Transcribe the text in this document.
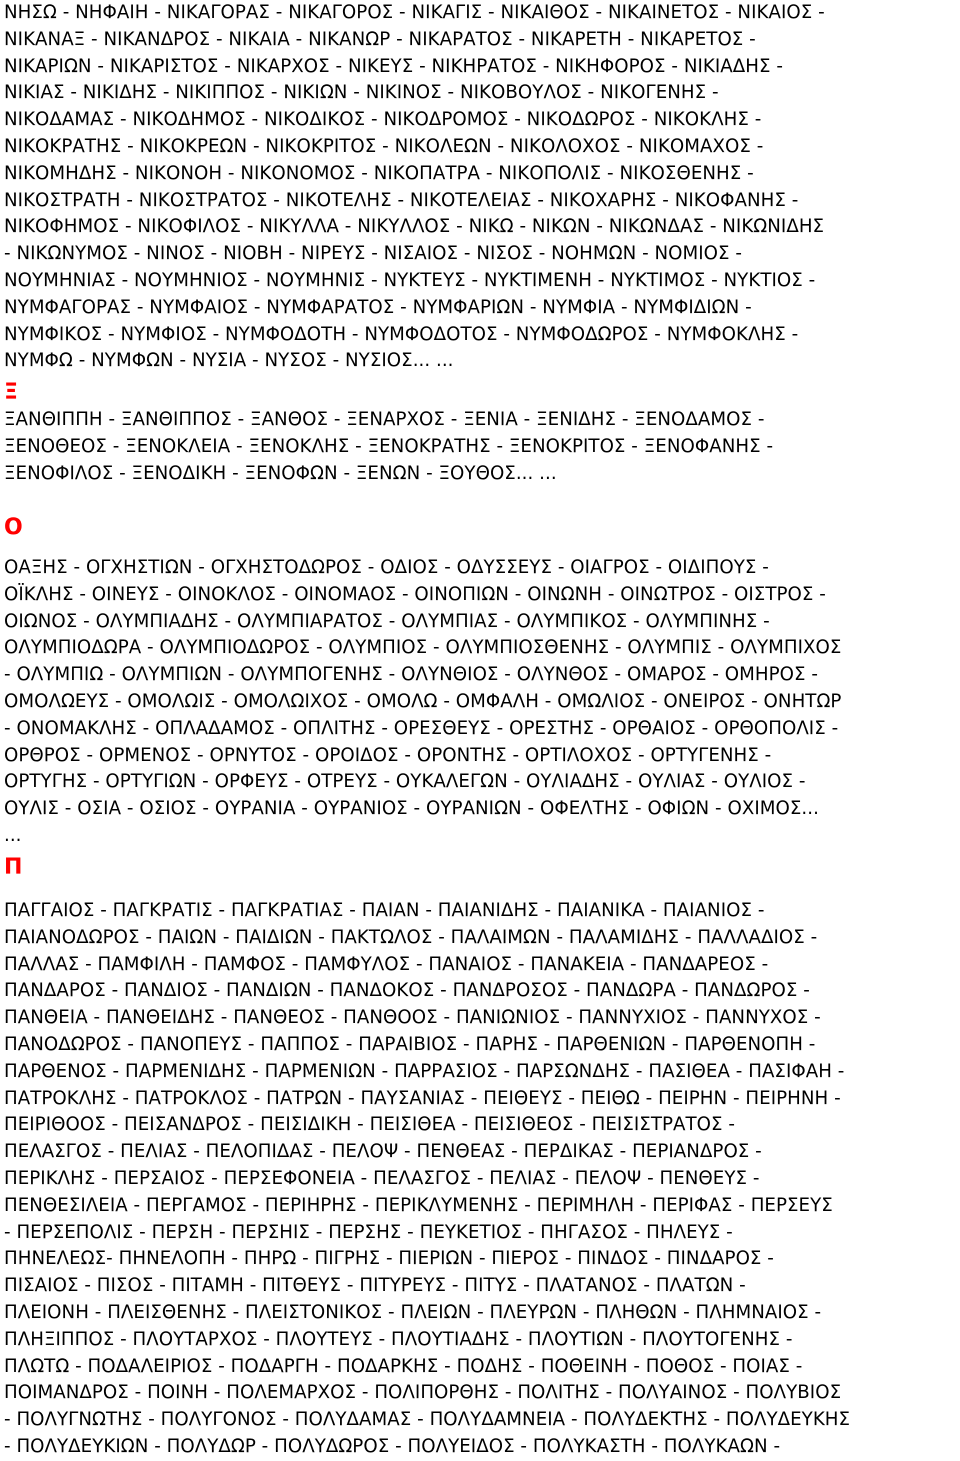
ΝΗΣΩ - ΝΗΦΑΙΗ - ΝΙΚΑΓΟΡΑΣ - ΝΙΚΑΓΟΡΟΣ - ΝΙΚΑΓΙΣ - ΝΙΚΑΙΘΟΣ - ΝΙΚΑΙΝΕΤΟΣ - ΝΙΚΑΙΟΣ -
ΝΙΚΑΝΑΞ - ΝΙΚΑΝΔΡΟΣ - ΝΙΚΑΙΑ - ΝΙΚΑΝΩΡ - ΝΙΚΑΡΑΤΟΣ - ΝΙΚΑΡΕΤΗ - ΝΙΚΑΡΕΤΟΣ -
ΝΙΚΑΡΙΩΝ - ΝΙΚΑΡΙΣΤΟΣ - ΝΙΚΑΡΧΟΣ - ΝΙΚΕΥΣ - ΝΙΚΗΡΑΤΟΣ - ΝΙΚΗΦΟΡΟΣ - ΝΙΚΙΑΔΗΣ -
ΝΙΚΙΑΣ - ΝΙΚΙΔΗΣ - ΝΙΚΙΠΠΟΣ - ΝΙΚΙΩΝ - ΝΙΚΙΝΟΣ - ΝΙΚΟΒΟΥΛΟΣ - ΝΙΚΟΓΕΝΗΣ -
ΝΙΚΟΔΑΜΑΣ - ΝΙΚΟΔΗΜΟΣ - ΝΙΚΟΔΙΚΟΣ - ΝΙΚΟΔΡΟΜΟΣ - ΝΙΚΟΔΩΡΟΣ - ΝΙΚΟΚΛΗΣ -
ΝΙΚΟΚΡΑΤΗΣ - ΝΙΚΟΚΡΕΩΝ - ΝΙΚΟΚΡΙΤΟΣ - ΝΙΚΟΛΕΩΝ - ΝΙΚΟΛΟΧΟΣ - ΝΙΚΟΜΑΧΟΣ -
ΝΙΚΟΜΗΔΗΣ - ΝΙΚΟΝΟΗ - ΝΙΚΟΝΟΜΟΣ - ΝΙΚΟΠΑΤΡΑ - ΝΙΚΟΠΟΛΙΣ - ΝΙΚΟΣΘΕΝΗΣ -
ΝΙΚΟΣΤΡΑΤΗ - ΝΙΚΟΣΤΡΑΤΟΣ - ΝΙΚΟΤΕΛΗΣ - ΝΙΚΟΤΕΛΕΙΑΣ - ΝΙΚΟΧΑΡΗΣ - ΝΙΚΟΦΑΝΗΣ -
ΝΙΚΟΦΗΜΟΣ - ΝΙΚΟΦΙΛΟΣ - ΝΙΚΥΛΛΑ - ΝΙΚΥΛΛΟΣ - ΝΙΚΩ - ΝΙΚΩΝ - ΝΙΚΩΝΔΑΣ - ΝΙΚΩΝΙΔΗΣ
- ΝΙΚΩΝΥΜΟΣ - ΝΙΝΟΣ - ΝΙΟΒΗ - ΝΙΡΕΥΣ - ΝΙΣΑΙΟΣ - ΝΙΣΟΣ - ΝΟΗΜΩΝ - ΝΟΜΙΟΣ -
ΝΟΥΜΗΝΙΑΣ - ΝΟΥΜΗΝΙΟΣ - ΝΟΥΜΗΝΙΣ - ΝΥΚΤΕΥΣ - ΝΥΚΤΙΜΕΝΗ - ΝΥΚΤΙΜΟΣ - ΝΥΚΤΙΟΣ -
ΝΥΜΦΑΓΟΡΑΣ - ΝΥΜΦΑΙΟΣ - ΝΥΜΦΑΡΑΤΟΣ - ΝΥΜΦΑΡΙΩΝ - ΝΥΜΦΙΑ - ΝΥΜΦΙΔΙΩΝ -
ΝΥΜΦΙΚΟΣ - ΝΥΜΦΙΟΣ - ΝΥΜΦΟΔΟΤΗ - ΝΥΜΦΟΔΟΤΟΣ - ΝΥΜΦΟΔΩΡΟΣ - ΝΥΜΦΟΚΛΗΣ -
ΝΥΜΦΩ - ΝΥΜΦΩΝ - ΝΥΣΙΑ - ΝΥΣΟΣ - ΝΥΣΙΟΣ... ...
Ξ
ΞΑΝΘΙΠΠΗ - ΞΑΝΘΙΠΠΟΣ - ΞΑΝΘΟΣ - ΞΕΝΑΡΧΟΣ - ΞΕΝΙΑ - ΞΕΝΙΔΗΣ - ΞΕΝΟΔΑΜΟΣ -
ΞΕΝΟΘΕΟΣ - ΞΕΝΟΚΛΕΙΑ - ΞΕΝΟΚΛΗΣ - ΞΕΝΟΚΡΑΤΗΣ - ΞΕΝΟΚΡΙΤΟΣ - ΞΕΝΟΦΑΝΗΣ -
ΞΕΝΟΦΙΛΟΣ - ΞΕΝΟΔΙΚΗ - ΞΕΝΟΦΩΝ - ΞΕΝΩΝ - ΞΟΥΘΟΣ... ...
Ο
ΟΑΞΗΣ - ΟΓΧΗΣΤΙΩΝ - ΟΓΧΗΣΤΟΔΩΡΟΣ - ΟΔΙΟΣ - ΟΔΥΣΣΕΥΣ - ΟΙΑΓΡΟΣ - ΟΙΔΙΠΟΥΣ -
ΟΪΚΛΗΣ - ΟΙΝΕΥΣ - ΟΙΝΟΚΛΟΣ - ΟΙΝΟΜΑΟΣ - ΟΙΝΟΠΙΩΝ - ΟΙΝΩΝΗ - ΟΙΝΩΤΡΟΣ - ΟΙΣΤΡΟΣ -
ΟΙΩΝΟΣ - ΟΛΥΜΠΙΑΔΗΣ - ΟΛΥΜΠΙΑΡΑΤΟΣ - ΟΛΥΜΠΙΑΣ - ΟΛΥΜΠΙΚΟΣ - ΟΛΥΜΠΙΝΗΣ -
ΟΛΥΜΠΙΟΔΩΡΑ - ΟΛΥΜΠΙΟΔΩΡΟΣ - ΟΛΥΜΠΙΟΣ - ΟΛΥΜΠΙΟΣΘΕΝΗΣ - ΟΛΥΜΠΙΣ - ΟΛΥΜΠΙΧΟΣ
- ΟΛΥΜΠΙΩ - ΟΛΥΜΠΙΩΝ - ΟΛΥΜΠΟΓΕΝΗΣ - ΟΛΥΝΘΙΟΣ - ΟΛΥΝΘΟΣ - ΟΜΑΡΟΣ - ΟΜΗΡΟΣ -
ΟΜΟΛΩΕΥΣ - ΟΜΟΛΩΙΣ - ΟΜΟΛΩΙΧΟΣ - ΟΜΟΛΩ - ΟΜΦΑΛΗ - ΟΜΩΛΙΟΣ - ΟΝΕΙΡΟΣ - ΟΝΗΤΩΡ
- ΟΝΟΜΑΚΛΗΣ - ΟΠΛΑΔΑΜΟΣ - ΟΠΛΙΤΗΣ - ΟΡΕΣΘΕΥΣ - ΟΡΕΣΤΗΣ - ΟΡΘΑΙΟΣ - ΟΡΘΟΠΟΛΙΣ -
ΟΡΘΡΟΣ - ΟΡΜΕΝΟΣ - ΟΡΝΥΤΟΣ - ΟΡΟΙΔΟΣ - ΟΡΟΝΤΗΣ - ΟΡΤΙΛΟΧΟΣ - ΟΡΤΥΓΕΝΗΣ -
ΟΡΤΥΓΗΣ - ΟΡΤΥΓΙΩΝ - ΟΡΦΕΥΣ - ΟΤΡΕΥΣ - ΟΥΚΑΛΕΓΩΝ - ΟΥΛΙΑΔΗΣ - ΟΥΛΙΑΣ - ΟΥΛΙΟΣ -
ΟΥΛΙΣ - ΟΣΙΑ - ΟΣΙΟΣ - ΟΥΡΑΝΙΑ - ΟΥΡΑΝΙΟΣ - ΟΥΡΑΝΙΩΝ - ΟΦΕΛΤΗΣ - ΟΦΙΩΝ - ΟΧΙΜΟΣ...
...
Π
ΠΑΓΓΑΙΟΣ - ΠΑΓΚΡΑΤΙΣ - ΠΑΓΚΡΑΤΙΑΣ - ΠΑΙΑΝ - ΠΑΙΑΝΙΔΗΣ - ΠΑΙΑΝΙΚΑ - ΠΑΙΑΝΙΟΣ -
ΠΑΙΑΝΟΔΩΡΟΣ - ΠΑΙΩΝ - ΠΑΙΔΙΩΝ - ΠΑΚΤΩΛΟΣ - ΠΑΛΑΙΜΩΝ - ΠΑΛΑΜΙΔΗΣ - ΠΑΛΛΑΔΙΟΣ -
ΠΑΛΛΑΣ - ΠΑΜΦΙΛΗ - ΠΑΜΦΟΣ - ΠΑΜΦΥΛΟΣ - ΠΑΝΑΙΟΣ - ΠΑΝΑΚΕΙΑ - ΠΑΝΔΑΡΕΟΣ -
ΠΑΝΔΑΡΟΣ - ΠΑΝΔΙΟΣ - ΠΑΝΔΙΩΝ - ΠΑΝΔΟΚΟΣ - ΠΑΝΔΡΟΣΟΣ - ΠΑΝΔΩΡΑ - ΠΑΝΔΩΡΟΣ -
ΠΑΝΘΕΙΑ - ΠΑΝΘΕΙΔΗΣ - ΠΑΝΘΕΟΣ - ΠΑΝΘΟΟΣ - ΠΑΝΙΩΝΙΟΣ - ΠΑΝΝΥΧΙΟΣ - ΠΑΝΝΥΧΟΣ -
ΠΑΝΟΔΩΡΟΣ - ΠΑΝΟΠΕΥΣ - ΠΑΠΠΟΣ - ΠΑΡΑΙΒΙΟΣ - ΠΑΡΗΣ - ΠΑΡΘΕΝΙΩΝ - ΠΑΡΘΕΝΟΠΗ -
ΠΑΡΘΕΝΟΣ - ΠΑΡΜΕΝΙΔΗΣ - ΠΑΡΜΕΝΙΩΝ - ΠΑΡΡΑΣΙΟΣ - ΠΑΡΣΩΝΔΗΣ - ΠΑΣΙΘΕΑ - ΠΑΣΙΦΑΗ -
ΠΑΤΡΟΚΛΗΣ - ΠΑΤΡΟΚΛΟΣ - ΠΑΤΡΩΝ - ΠΑΥΣΑΝΙΑΣ - ΠΕΙΘΕΥΣ - ΠΕΙΘΩ - ΠΕΙΡΗΝ - ΠΕΙΡΗΝΗ -
ΠΕΙΡΙΘΟΟΣ - ΠΕΙΣΑΝΔΡΟΣ - ΠΕΙΣΙΔΙΚΗ - ΠΕΙΣΙΘΕΑ - ΠΕΙΣΙΘΕΟΣ - ΠΕΙΣΙΣΤΡΑΤΟΣ -
ΠΕΛΑΣΓΟΣ - ΠΕΛΙΑΣ - ΠΕΛΟΠΙΔΑΣ - ΠΕΛΟΨ - ΠΕΝΘΕΑΣ - ΠΕΡΔΙΚΑΣ - ΠΕΡΙΑΝΔΡΟΣ -
ΠΕΡΙΚΛΗΣ - ΠΕΡΣΑΙΟΣ - ΠΕΡΣΕΦΟΝΕΙΑ - ΠΕΛΑΣΓΟΣ - ΠΕΛΙΑΣ - ΠΕΛΟΨ - ΠΕΝΘΕΥΣ -
ΠΕΝΘΕΣΙΛΕΙΑ - ΠΕΡΓΑΜΟΣ - ΠΕΡΙΗΡΗΣ - ΠΕΡΙΚΛΥΜΕΝΗΣ - ΠΕΡΙΜΗΛΗ - ΠΕΡΙΦΑΣ - ΠΕΡΣΕΥΣ
- ΠΕΡΣΕΠΟΛΙΣ - ΠΕΡΣΗ - ΠΕΡΣΗΙΣ - ΠΕΡΣΗΣ - ΠΕΥΚΕΤΙΟΣ - ΠΗΓΑΣΟΣ - ΠΗΛΕΥΣ -
ΠΗΝΕΛΕΩΣ- ΠΗΝΕΛΟΠΗ - ΠΗΡΩ - ΠΙΓΡΗΣ - ΠΙΕΡΙΩΝ - ΠΙΕΡΟΣ - ΠΙΝΔΟΣ - ΠΙΝΔΑΡΟΣ -
ΠΙΣΑΙΟΣ - ΠΙΣΟΣ - ΠΙΤΑΜΗ - ΠΙΤΘΕΥΣ - ΠΙΤΥΡΕΥΣ - ΠΙΤΥΣ - ΠΛΑΤΑΝΟΣ - ΠΛΑΤΩΝ -
ΠΛΕΙΟΝΗ - ΠΛΕΙΣΘΕΝΗΣ - ΠΛΕΙΣΤΟΝΙΚΟΣ - ΠΛΕΙΩΝ - ΠΛΕΥΡΩΝ - ΠΛΗΘΩΝ - ΠΛΗΜΝΑΙΟΣ -
ΠΛΗΞΙΠΠΟΣ - ΠΛΟΥΤΑΡΧΟΣ - ΠΛΟΥΤΕΥΣ - ΠΛΟΥΤΙΑΔΗΣ - ΠΛΟΥΤΙΩΝ - ΠΛΟΥΤΟΓΕΝΗΣ -
ΠΛΩΤΩ - ΠΟΔΑΛΕΙΡΙΟΣ - ΠΟΔΑΡΓΗ - ΠΟΔΑΡΚΗΣ - ΠΟΔΗΣ - ΠΟΘΕΙΝΗ - ΠΟΘΟΣ - ΠΟΙΑΣ -
ΠΟΙΜΑΝΔΡΟΣ - ΠΟΙΝΗ - ΠΟΛΕΜΑΡΧΟΣ - ΠΟΛΙΠΟΡΘΗΣ - ΠΟΛΙΤΗΣ - ΠΟΛΥΑΙΝΟΣ - ΠΟΛΥΒΙΟΣ
- ΠΟΛΥΓΝΩΤΗΣ - ΠΟΛΥΓΟΝΟΣ - ΠΟΛΥΔΑΜΑΣ - ΠΟΛΥΔΑΜΝΕΙΑ - ΠΟΛΥΔΕΚΤΗΣ - ΠΟΛΥΔΕΥΚΗΣ
- ΠΟΛΥΔΕΥΚΙΩΝ - ΠΟΛΥΔΩΡ - ΠΟΛΥΔΩΡΟΣ - ΠΟΛΥΕΙΔΟΣ - ΠΟΛΥΚΑΣΤΗ - ΠΟΛΥΚΑΩΝ -
